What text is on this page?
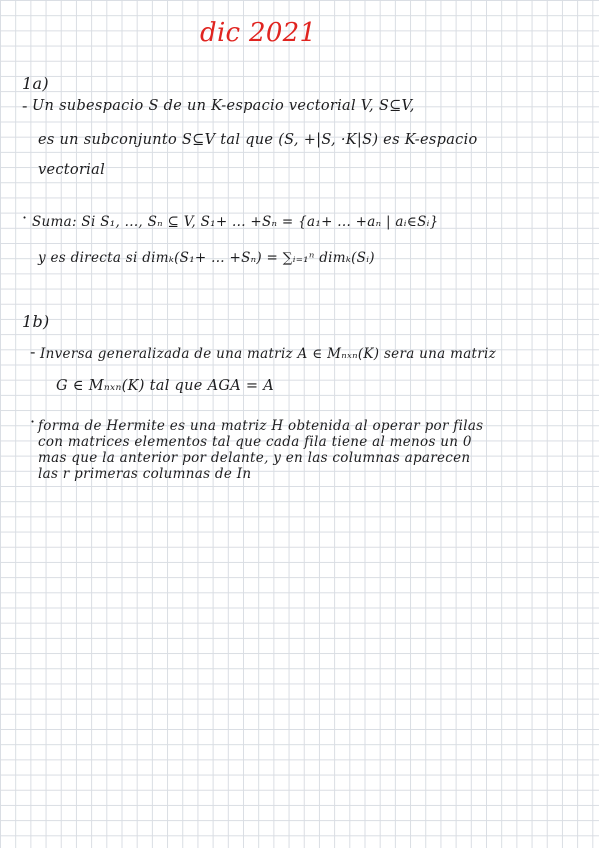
dic 2021
1a)
- Un subespacio S de un K-espacio vectorial V, S⊆V,
es un subconjunto S⊆V tal que (S, +|S, ·K|S) es K-espacio
vectorial
· Suma: Si S₁, ..., Sₙ ⊆ V, S₁+ ... +Sₙ = {a₁+ ... +aₙ | aᵢ∈Sᵢ}
y es directa si dimₖ(S₁+ ... +Sₙ) = ∑ᵢ₌₁ⁿ dimₖ(Sᵢ)
1b)
- Inversa generalizada de una matriz A ∈ Mₙₓₙ(K) sera una matriz
G ∈ Mₙₓₙ(K) tal que AGA = A
· forma de Hermite es una matriz H obtenida al operar por filas
con matrices elementos tal que cada fila tiene al menos un 0
mas que la anterior por delante, y en las columnas aparecen
las r primeras columnas de In
